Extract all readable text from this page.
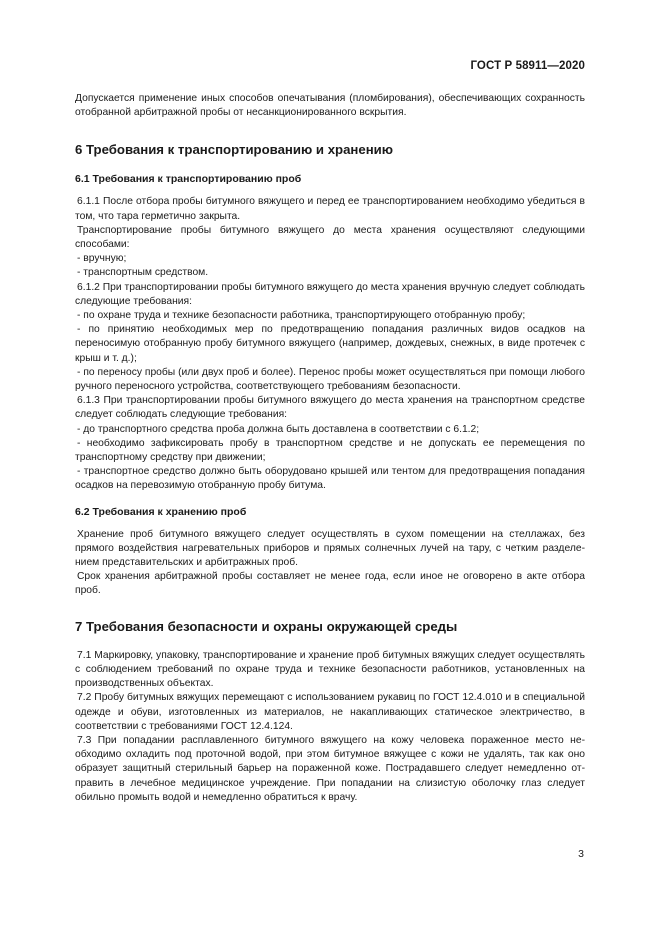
ГОСТ Р 58911—2020

Допускается применение иных способов опечатывания (пломбирования), обеспечивающих сохранность отобранной арбитражной пробы от несанкционированного вскрытия.

6 Требования к транспортированию и хранению
6.1 Требования к транспортированию проб

6.1.1 После отбора пробы битумного вяжущего и перед ее транспортированием необходимо убедиться в том, что тара герметично закрыта.

Транспортирование пробы битумного вяжущего до места хранения осуществляют следующими способами:

- вручную;

- транспортным средством.

6.1.2 При транспортировании пробы битумного вяжущего до места хранения вручную следует соблюдать следующие требования:

- по охране труда и технике безопасности работника, транспортирующего отобранную пробу;

- по принятию необходимых мер по предотвращению попадания различных видов осадков на переносимую отобранную пробу битумного вяжущего (например, дождевых, снежных, в виде протечек с крыш и т. д.);

- по переносу пробы (или двух проб и более). Перенос пробы может осуществляться при помощи любого ручного переносного устройства, соответствующего требованиям безопасности.

6.1.3 При транспортировании пробы битумного вяжущего до места хранения на транспортном средстве следует соблюдать следующие требования:

- до транспортного средства проба должна быть доставлена в соответствии с 6.1.2;

- необходимо зафиксировать пробу в транспортном средстве и не допускать ее перемещения по транспортному средству при движении;

- транспортное средство должно быть оборудовано крышей или тентом для предотвращения попадания осадков на перевозимую отобранную пробу битума.

6.2 Требования к хранению проб

Хранение проб битумного вяжущего следует осуществлять в сухом помещении на стеллажах, без прямого воздействия нагревательных приборов и прямых солнечных лучей на тару, с четким разделением представительских и арбитражных проб.

Срок хранения арбитражной пробы составляет не менее года, если иное не оговорено в акте отбора проб.

7 Требования безопасности и охраны окружающей среды

7.1 Маркировку, упаковку, транспортирование и хранение проб битумных вяжущих следует осуществлять с соблюдением требований по охране труда и технике безопасности работников, установленных на производственных объектах.

7.2 Пробу битумных вяжущих перемещают с использованием рукавиц по ГОСТ 12.4.010 и в специальной одежде и обуви, изготовленных из материалов, не накапливающих статическое электричество, в соответствии с требованиями ГОСТ 12.4.124.

7.3 При попадании расплавленного битумного вяжущего на кожу человека пораженное место необходимо охладить под проточной водой, при этом битумное вяжущее с кожи не удалять, так как оно образует защитный стерильный барьер на пораженной коже. Пострадавшего следует немедленно отправить в лечебное медицинское учреждение. При попадании на слизистую оболочку глаз следует обильно промыть водой и немедленно обратиться к врачу.

3
